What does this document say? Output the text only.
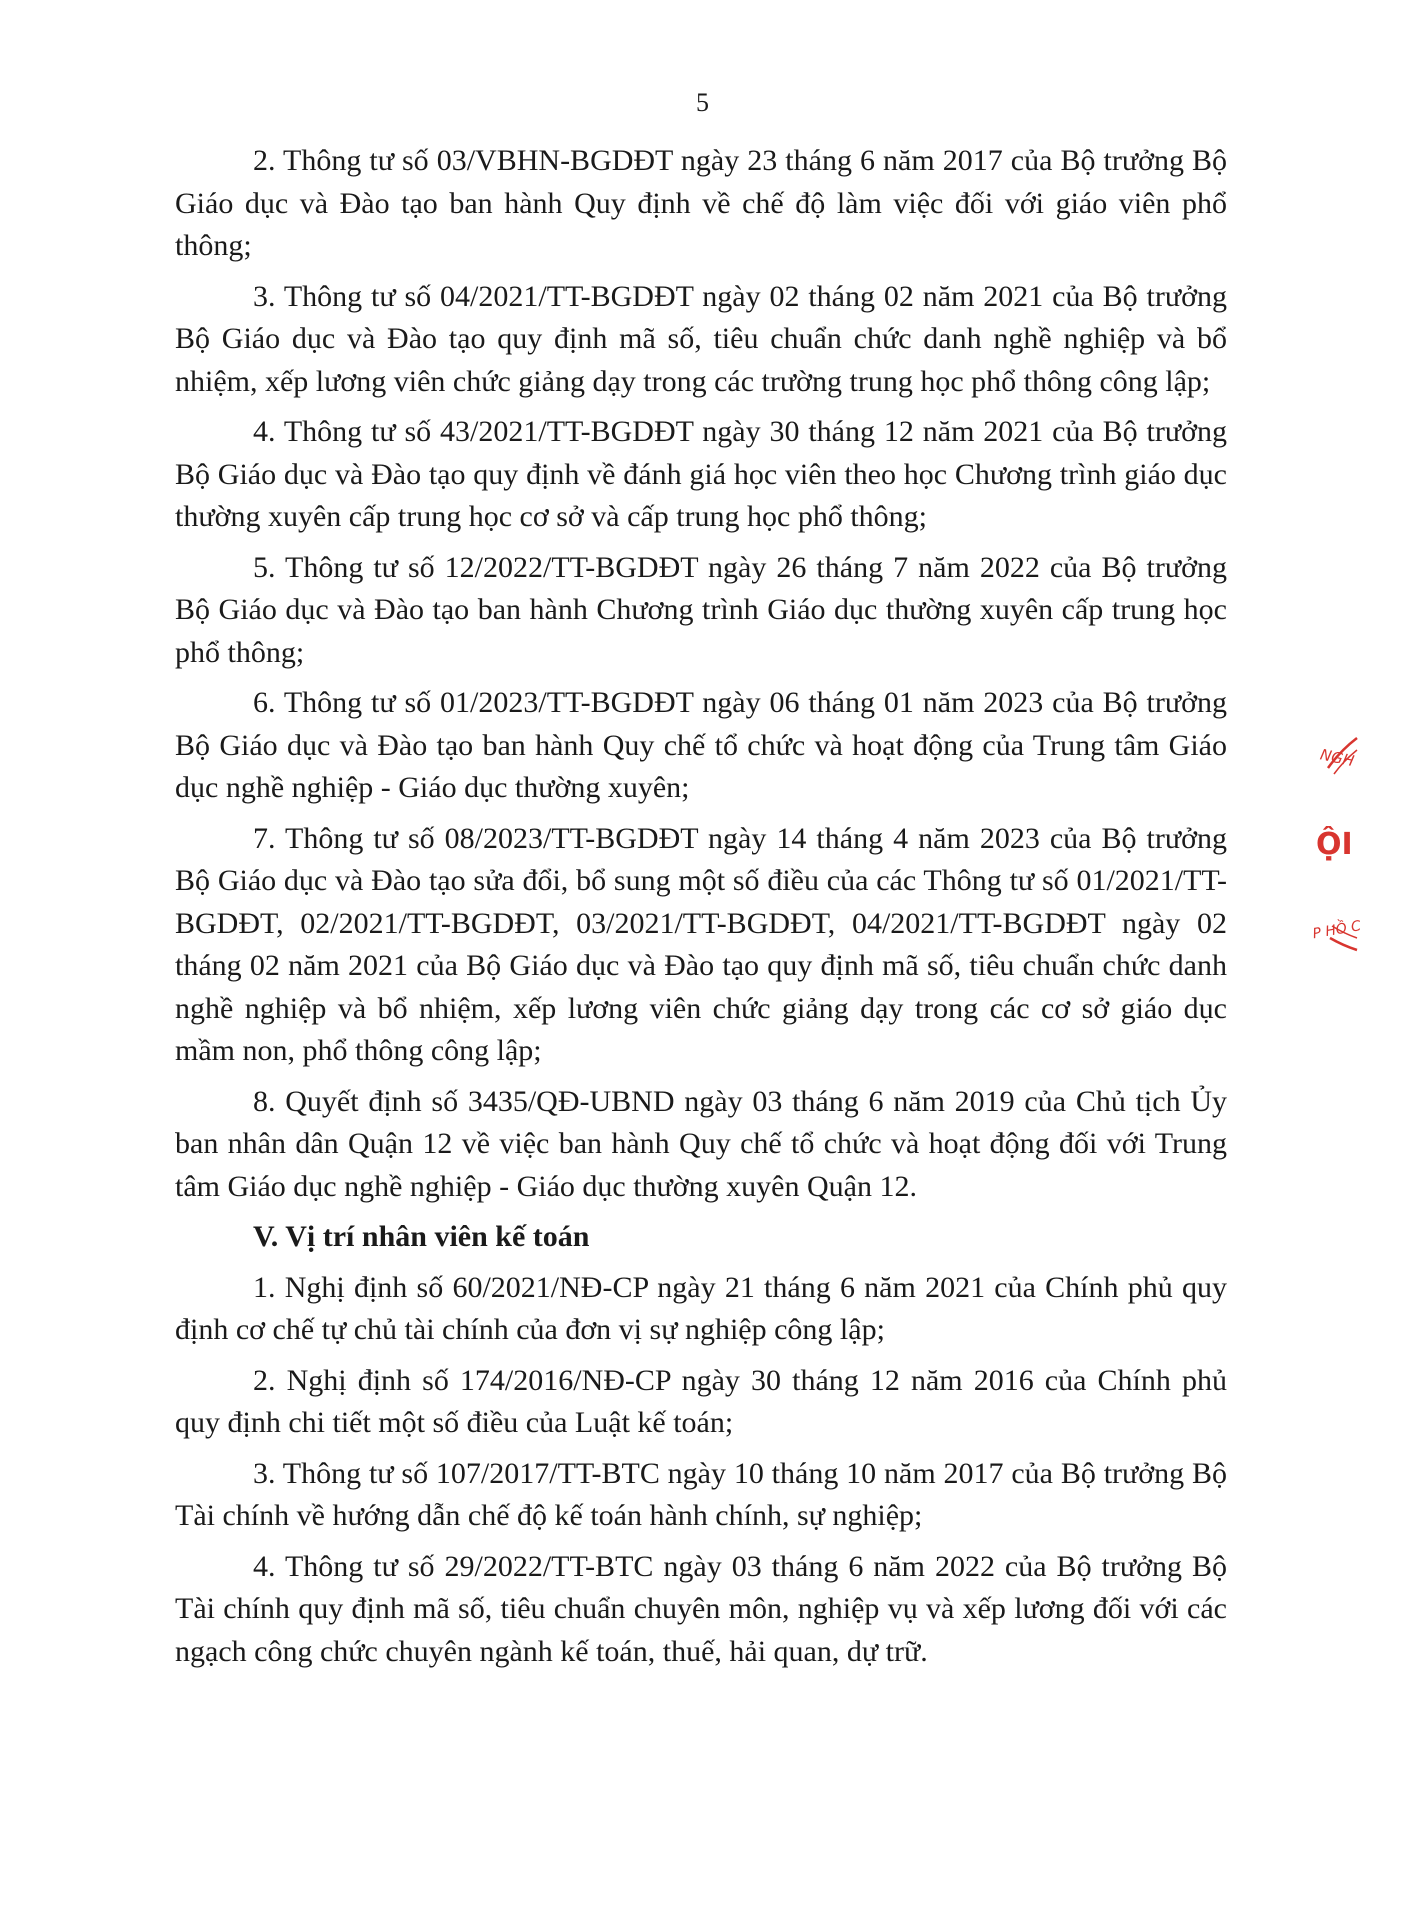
5

2. Thông tư số 03/VBHN-BGDĐT ngày 23 tháng 6 năm 2017 của Bộ trưởng Bộ Giáo dục và Đào tạo ban hành Quy định về chế độ làm việc đối với giáo viên phổ thông;

3. Thông tư số 04/2021/TT-BGDĐT ngày 02 tháng 02 năm 2021 của Bộ trưởng Bộ Giáo dục và Đào tạo quy định mã số, tiêu chuẩn chức danh nghề nghiệp và bổ nhiệm, xếp lương viên chức giảng dạy trong các trường trung học phổ thông công lập;

4. Thông tư số 43/2021/TT-BGDĐT ngày 30 tháng 12 năm 2021 của Bộ trưởng Bộ Giáo dục và Đào tạo quy định về đánh giá học viên theo học Chương trình giáo dục thường xuyên cấp trung học cơ sở và cấp trung học phổ thông;

5. Thông tư số 12/2022/TT-BGDĐT ngày 26 tháng 7 năm 2022 của Bộ trưởng Bộ Giáo dục và Đào tạo ban hành Chương trình Giáo dục thường xuyên cấp trung học phổ thông;

6. Thông tư số 01/2023/TT-BGDĐT ngày 06 tháng 01 năm 2023 của Bộ trưởng Bộ Giáo dục và Đào tạo ban hành Quy chế tổ chức và hoạt động của Trung tâm Giáo dục nghề nghiệp - Giáo dục thường xuyên;

7. Thông tư số 08/2023/TT-BGDĐT ngày 14 tháng 4 năm 2023 của Bộ trưởng Bộ Giáo dục và Đào tạo sửa đổi, bổ sung một số điều của các Thông tư số 01/2021/TT-BGDĐT, 02/2021/TT-BGDĐT, 03/2021/TT-BGDĐT, 04/2021/TT-BGDĐT ngày 02 tháng 02 năm 2021 của Bộ Giáo dục và Đào tạo quy định mã số, tiêu chuẩn chức danh nghề nghiệp và bổ nhiệm, xếp lương viên chức giảng dạy trong các cơ sở giáo dục mầm non, phổ thông công lập;

8. Quyết định số 3435/QĐ-UBND ngày 03 tháng 6 năm 2019 của Chủ tịch Ủy ban nhân dân Quận 12 về việc ban hành Quy chế tổ chức và hoạt động đối với Trung tâm Giáo dục nghề nghiệp - Giáo dục thường xuyên Quận 12.

V. Vị trí nhân viên kế toán

1. Nghị định số 60/2021/NĐ-CP ngày 21 tháng 6 năm 2021 của Chính phủ quy định cơ chế tự chủ tài chính của đơn vị sự nghiệp công lập;

2. Nghị định số 174/2016/NĐ-CP ngày 30 tháng 12 năm 2016 của Chính phủ quy định chi tiết một số điều của Luật kế toán;

3. Thông tư số 107/2017/TT-BTC ngày 10 tháng 10 năm 2017 của Bộ trưởng Bộ Tài chính về hướng dẫn chế độ kế toán hành chính, sự nghiệp;

4. Thông tư số 29/2022/TT-BTC ngày 03 tháng 6 năm 2022 của Bộ trưởng Bộ Tài chính quy định mã số, tiêu chuẩn chuyên môn, nghiệp vụ và xếp lương đối với các ngạch công chức chuyên ngành kế toán, thuế, hải quan, dự trữ.

NGH
ỘI
P HỒ C
